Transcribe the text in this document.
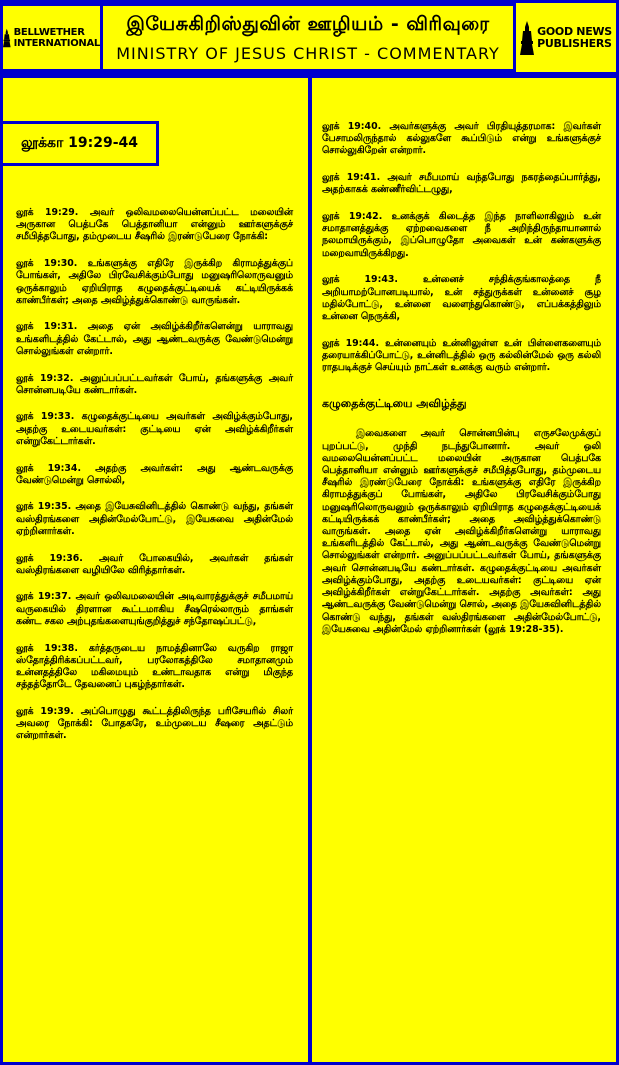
BELLWETHER
INTERNATIONAL
இயேசுகிறிஸ்துவின் ஊழியம் - விரிவுரை
MINISTRY OF JESUS CHRIST - COMMENTARY
GOOD NEWS
PUBLISHERS
லூக்கா 19:29-44

லூக் 19:29. அவர் ஒலிவமலையென்னப்பட்ட மலையின் அருகான பெத்பகே பெத்தானியா என்னும் ஊர்களுக்குச் சமீபித்தபோது, தம்முடைய சீஷரில் இரண்டுபேரை நோக்கி:

லூக் 19:30. உங்களுக்கு எதிரே இருக்கிற கிராமத்துக்குப் போங்கள், அதிலே பிரவேசிக்கும்போது மனுஷரிலொருவனும் ஒருக்காலும் ஏறியிராத கழுதைக்குட்டியைக் கட்டியிருக்கக் காண்பீர்கள்; அதை அவிழ்த்துக்கொண்டு வாருங்கள்.

லூக் 19:31. அதை ஏன் அவிழ்க்கிறீர்களென்று யாராவது உங்களிடத்தில் கேட்டால், அது ஆண்டவருக்கு வேண்டுமென்று சொல்லுங்கள் என்றார்.

லூக் 19:32. அனுப்பப்பட்டவர்கள் போய், தங்களுக்கு அவர் சொன்னபடியே கண்டார்கள்.

லூக் 19:33. கழுதைக்குட்டியை அவர்கள் அவிழ்க்கும்போது, அதற்கு உடையவர்கள்: குட்டியை ஏன் அவிழ்க்கிறீர்கள் என்றுகேட்டார்கள்.

லூக் 19:34. அதற்கு அவர்கள்: அது ஆண்டவருக்கு வேண்டுமென்று சொல்லி,

லூக் 19:35. அதை இயேசுவினிடத்தில் கொண்டு வந்து, தங்கள் வஸ்திரங்களை அதின்மேல்போட்டு, இயேசுவை அதின்மேல் ஏற்றினார்கள்.

லூக் 19:36. அவர் போகையில், அவர்கள் தங்கள் வஸ்திரங்களை வழியிலே விரித்தார்கள்.

லூக் 19:37. அவர் ஒலிவமலையின் அடிவாரத்துக்குச் சமீபமாய் வருகையில் திரளான கூட்டமாகிய சீஷரெல்லாரும் தாங்கள் கண்ட சகல அற்புதங்களையுங்குறித்துச் சந்தோஷப்பட்டு,

லூக் 19:38. கர்த்தருடைய நாமத்தினாலே வருகிற ராஜா ஸ்தோத்திரிக்கப்பட்டவர், பரலோகத்திலே சமாதானமும் உன்னதத்திலே மகிமையும் உண்டாவதாக என்று மிகுந்த சத்தத்தோடே தேவனைப் புகழ்ந்தார்கள்.

லூக் 19:39. அப்பொழுது கூட்டத்திலிருந்த பரிசேயரில் சிலர் அவரை நோக்கி: போதகரே, உம்முடைய சீஷரை அதட்டும் என்றார்கள்.

லூக் 19:40. அவர்களுக்கு அவர் பிரதியுத்தரமாக: இவர்கள் பேசாமலிருந்தால் கல்லுகளே கூப்பிடும் என்று உங்களுக்குச் சொல்லுகிறேன் என்றார்.

லூக் 19:41. அவர் சமீபமாய் வந்தபோது நகரத்தைப்பார்த்து, அதற்காகக் கண்ணீர்விட்டழுது,

லூக் 19:42. உனக்குக் கிடைத்த இந்த நாளிலாகிலும் உன் சமாதானத்துக்கு ஏற்றவைகளை நீ அறிந்திருந்தாயானால் நலமாயிருக்கும், இப்பொழுதோ அவைகள் உன் கண்களுக்கு மறைவாயிருக்கிறது.

லூக் 19:43. உன்னைச் சந்திக்குங்காலத்தை நீ அறியாமற்போனபடியால், உன் சத்துருக்கள் உன்னைச் சூழ மதில்போட்டு, உன்னை வளைந்துகொண்டு, எப்பக்கத்திலும் உன்னை நெருக்கி,

லூக் 19:44. உன்னையும் உன்னிலுள்ள உன் பிள்ளைகளையும் தரையாக்கிப்போட்டு, உன்னிடத்தில் ஒரு கல்லின்மேல் ஒரு கல்லி ராதபடிக்குச் செய்யும் நாட்கள் உனக்கு வரும் என்றார்.

கழுதைக்குட்டியை அவிழ்த்து

இவைகளை அவர் சொன்னபின்பு எருசலேமுக்குப் புறப்பட்டு, முந்தி நடந்துபோனார். அவர் ஒலி வமலையென்னப்பட்ட மலையின் அருகான பெத்பகே பெத்தானியா என்னும் ஊர்களுக்குச் சமீபித்தபோது, தம்முடைய சீஷரில் இரண்டுபேரை நோக்கி: உங்களுக்கு எதிரே இருக்கிற கிராமத்துக்குப் போங்கள், அதிலே பிரவேசிக்கும்போது மனுஷரிலொருவனும் ஒருக்காலும் ஏறியிராத கழுதைக்குட்டியைக் கட்டியிருக்கக் காண்பீர்கள்; அதை அவிழ்த்துக்கொண்டு வாருங்கள். அதை ஏன் அவிழ்க்கிறீர்களென்று யாராவது உங்களிடத்தில் கேட்டால், அது ஆண்டவருக்கு வேண்டுமென்று சொல்லுங்கள் என்றார். அனுப்பப்பட்டவர்கள் போய், தங்களுக்கு அவர் சொன்னபடியே கண்டார்கள். கழுதைக்குட்டியை அவர்கள் அவிழ்க்கும்போது, அதற்கு உடையவர்கள்: குட்டியை ஏன் அவிழ்க்கிறீர்கள் என்றுகேட்டார்கள். அதற்கு அவர்கள்: அது ஆண்டவருக்கு வேண்டுமென்று சொல், அதை இயேசுவினிடத்தில் கொண்டு வந்து, தங்கள் வஸ்திரங்களை அதின்மேல்போட்டு, இயேசுவை அதின்மேல் ஏற்றினார்கள் (லூக் 19:28-35).
